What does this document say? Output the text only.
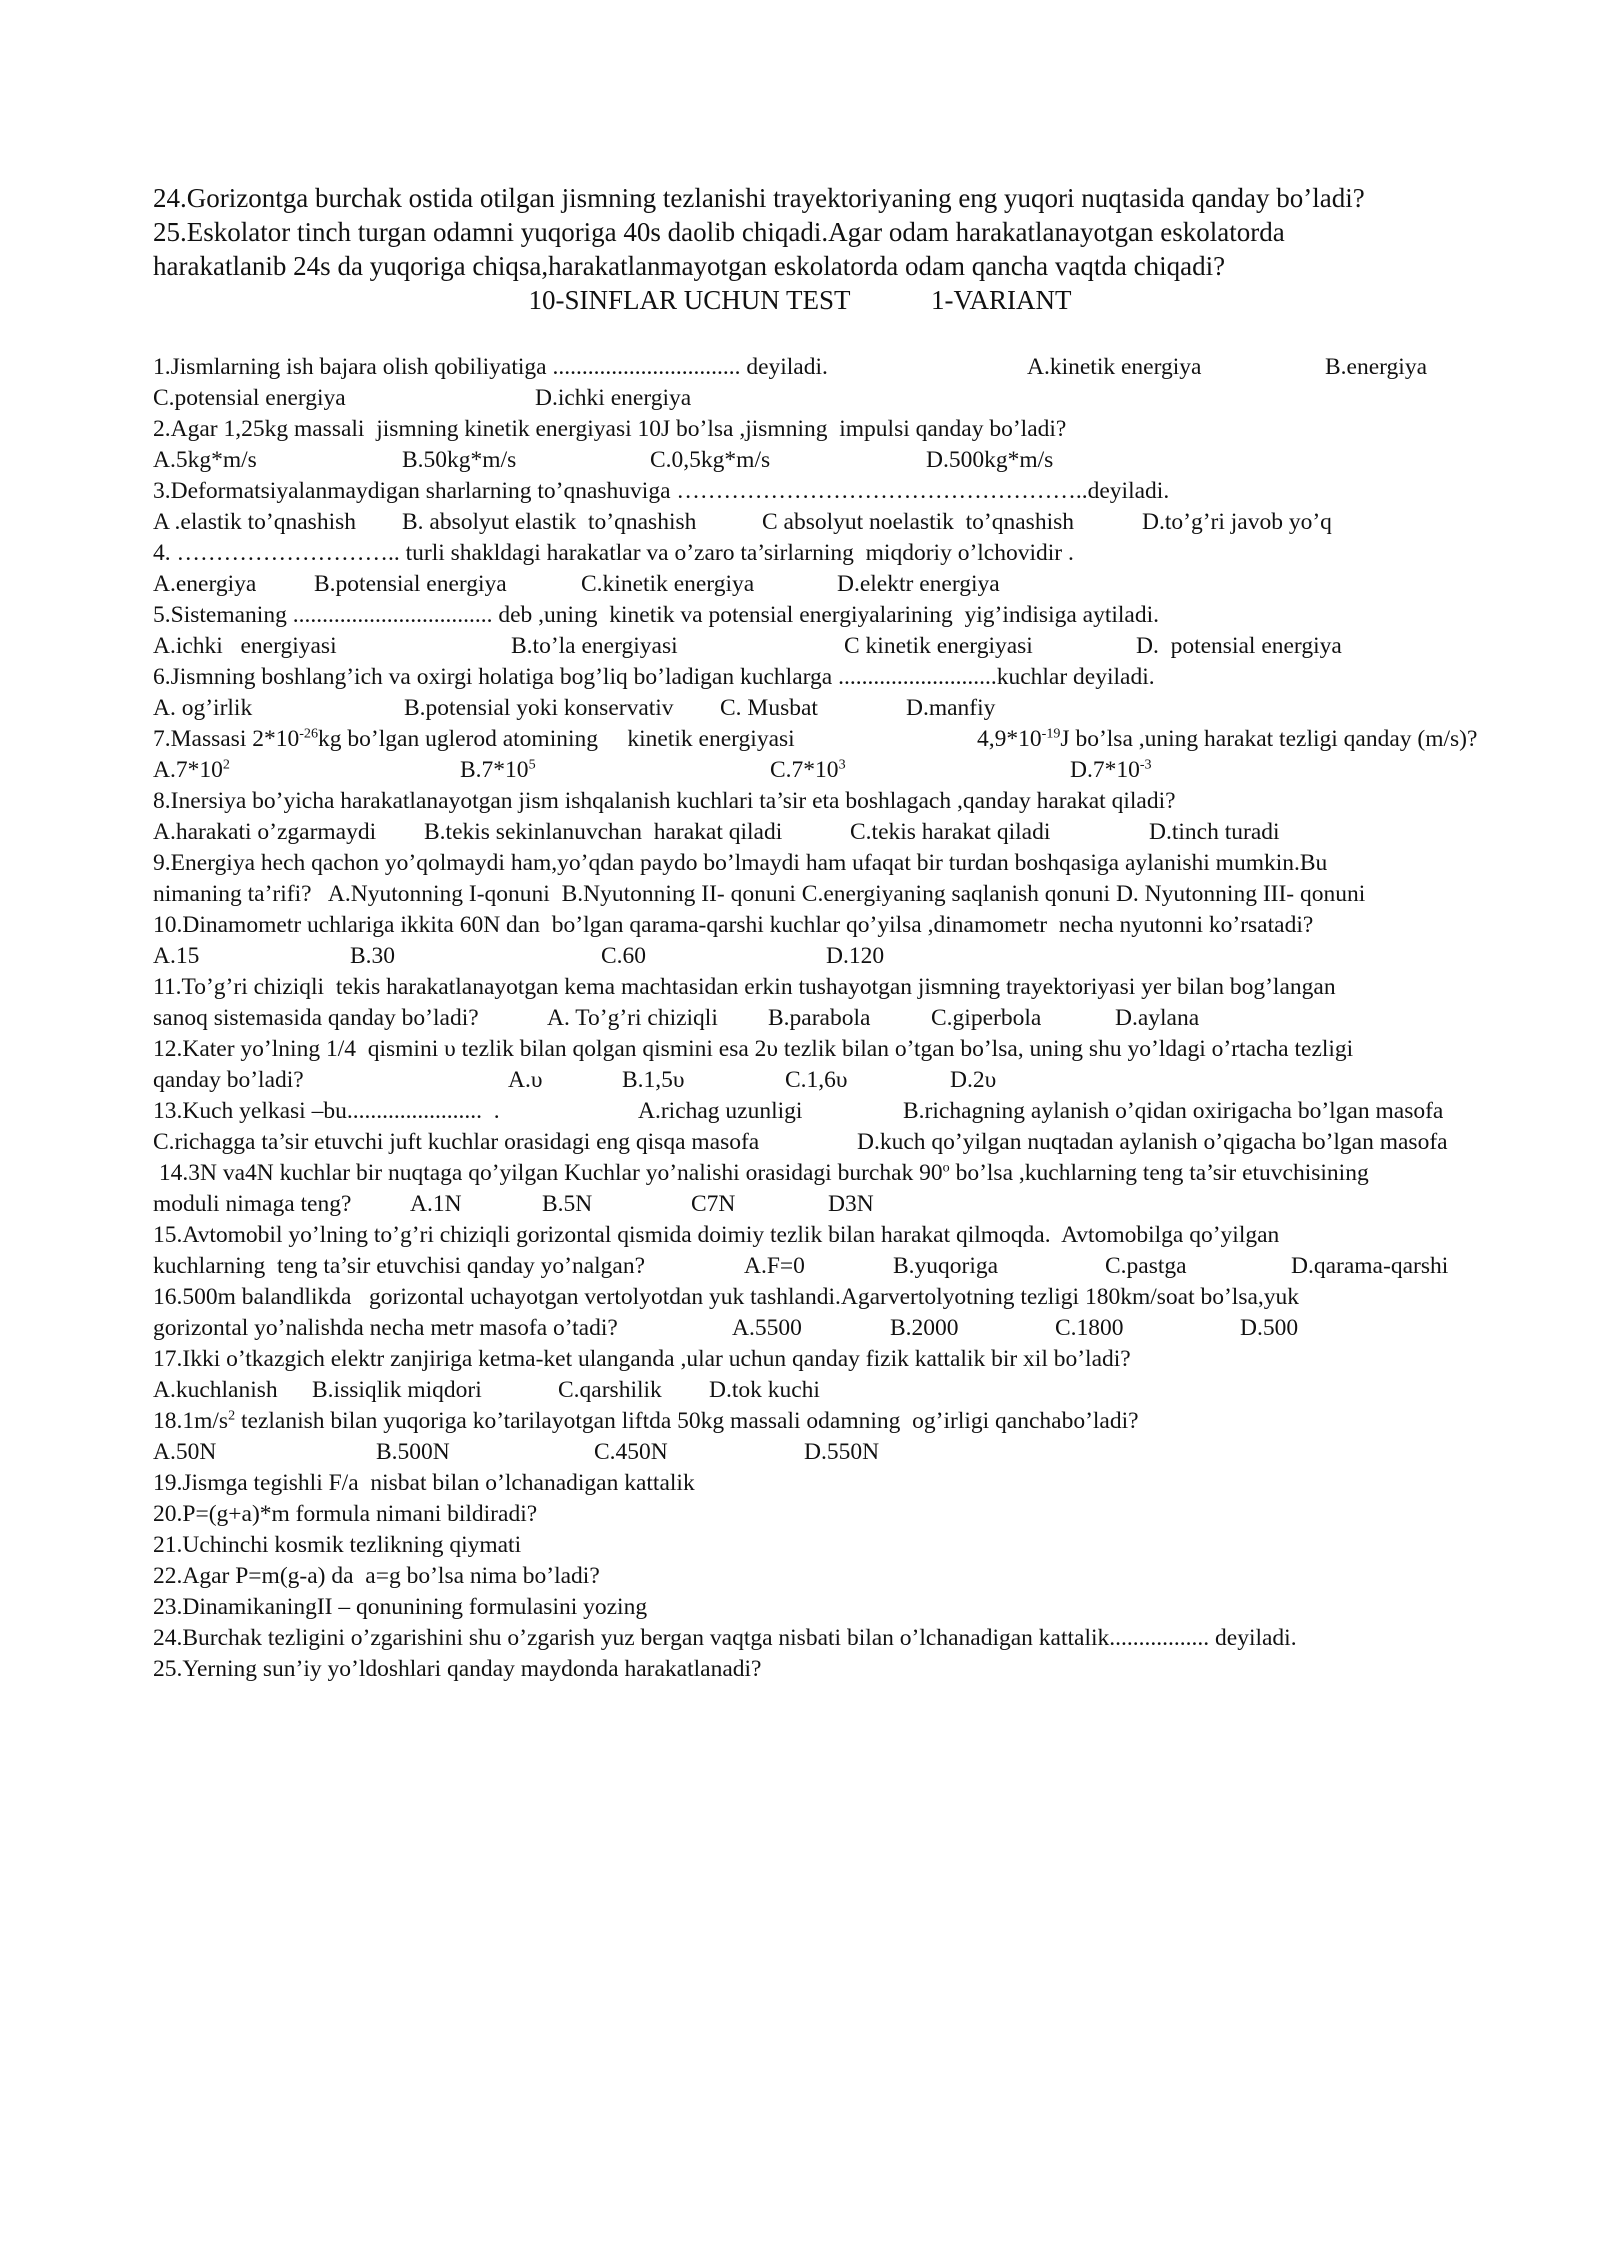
24.Gorizontga burchak ostida otilgan jismning tezlanishi trayektoriyaning eng yuqori nuqtasida qanday bo’ladi?
25.Eskolator tinch turgan odamni yuqoriga 40s daolib chiqadi.Agar odam harakatlanayotgan eskolatorda
harakatlanib 24s da yuqoriga chiqsa,harakatlanmayotgan eskolatorda odam qancha vaqtda chiqadi?
10-SINFLAR UCHUN TEST	1-VARIANT
1.Jismlarning ish bajara olish qobiliyatiga ................................ deyiladi.	A.kinetik energiya	B.energiya
C.potensial energiya	D.ichki energiya
2.Agar 1,25kg massali  jismning kinetik energiyasi 10J bo’lsa ,jismning  impulsi qanday bo’ladi?
A.5kg*m/s	B.50kg*m/s	C.0,5kg*m/s	D.500kg*m/s
3.Deformatsiyalanmaydigan sharlarning to’qnashuviga ……………………………………………..deyiladi.
A .elastik to’qnashish B. absolyut elastik  to’qnashish	C absolyut noelastik  to’qnashish	D.to’g’ri javob yo’q
4. ……………………….. turli shakldagi harakatlar va o’zaro ta’sirlarning  miqdoriy o’lchovidir .
A.energiya B.potensial energiya	C.kinetik energiya	D.elektr energiya
5.Sistemaning .................................. deb ,uning  kinetik va potensial energiyalarining  yig’indisiga aytiladi.
A.ichki   energiyasi	B.to’la energiyasi	C kinetik energiyasi	D.  potensial energiya
6.Jismning boshlang’ich va oxirgi holatiga bog’liq bo’ladigan kuchlarga ...........................kuchlar deyiladi.
A. og’irlik	B.potensial yoki konservativ C. Musbat	D.manfiy
7.Massasi $2*10^{-26}kg$ bo’lgan uglerod atomining     kinetik energiyasi	$4,9*10^{-19}J$ bo’lsa ,uning harakat tezligi qanday (m/s)?
$A.7*10^2$	$B.7*10^5$	$C.7*10^3$	$D.7*10^{-3}$
8.Inersiya bo’yicha harakatlanayotgan jism ishqalanish kuchlari ta’sir eta boshlagach ,qanday harakat qiladi?
A.harakati o’zgarmaydi B.tekis sekinlanuvchan  harakat qiladi	C.tekis harakat qiladi	D.tinch turadi
9.Energiya hech qachon yo’qolmaydi ham,yo’qdan paydo bo’lmaydi ham ufaqat bir turdan boshqasiga aylanishi mumkin.Bu
nimaning ta’rifi?   A.Nyutonning I-qonuni  B.Nyutonning II- qonuni C.energiyaning saqlanish qonuni D. Nyutonning III- qonuni
10.Dinamometr uchlariga ikkita 60N dan  bo’lgan qarama-qarshi kuchlar qo’yilsa ,dinamometr  necha nyutonni ko’rsatadi?
A.15	B.30	C.60	D.120
11.To’g’ri chiziqli  tekis harakatlanayotgan kema machtasidan erkin tushayotgan jismning trayektoriyasi yer bilan bog’langan
sanoq sistemasida qanday bo’ladi?	A. To’g’ri chiziqli B.parabola	C.giperbola	D.aylana
12.Kater yo’lning 1/4  qismini υ tezlik bilan qolgan qismini esa 2υ tezlik bilan o’tgan bo’lsa, uning shu yo’ldagi o’rtacha tezligi
qanday bo’ladi?	A.υ	B.1,5υ	C.1,6υ	D.2υ
13.Kuch yelkasi –bu.......................  .	A.richag uzunligi	B.richagning aylanish o’qidan oxirigacha bo’lgan masofa
C.richagga ta’sir etuvchi juft kuchlar orasidagi eng qisqa masofa	D.kuch qo’yilgan nuqtadan aylanish o’qigacha bo’lgan masofa
14.3N va4N kuchlar bir nuqtaga qo’yilgan Kuchlar yo’nalishi orasidagi burchak 90$^o$ bo’lsa ,kuchlarning teng ta’sir etuvchisining
moduli nimaga teng? A.1N	B.5N	C7N	D3N
15.Avtomobil yo’lning to’g’ri chiziqli gorizontal qismida doimiy tezlik bilan harakat qilmoqda.  Avtomobilga qo’yilgan
kuchlarning  teng ta’sir etuvchisi qanday yo’nalgan?	A.F=0	B.yuqoriga	C.pastga	D.qarama-qarshi
16.500m balandlikda   gorizontal uchayotgan vertolyotdan yuk tashlandi.Agarvertolyotning tezligi 180km/soat bo’lsa,yuk
gorizontal yo’nalishda necha metr masofa o’tadi?	A.5500	B.2000	C.1800	D.500
17.Ikki o’tkazgich elektr zanjiriga ketma-ket ulanganda ,ular uchun qanday fizik kattalik bir xil bo’ladi?
A.kuchlanish B.issiqlik miqdori	C.qarshilik D.tok kuchi
$18.1m/s^2$ tezlanish bilan yuqoriga ko’tarilayotgan liftda 50kg massali odamning  og’irligi qanchabo’ladi?
A.50N	B.500N	C.450N	D.550N
19.Jismga tegishli F/a  nisbat bilan o’lchanadigan kattalik
20.P=(g+a)*m formula nimani bildiradi?
21.Uchinchi kosmik tezlikning qiymati
22.Agar P=m(g-a) da  a=g bo’lsa nima bo’ladi?
23.DinamikaningII – qonunining formulasini yozing
24.Burchak tezligini o’zgarishini shu o’zgarish yuz bergan vaqtga nisbati bilan o’lchanadigan kattalik................. deyiladi.
25.Yerning sun’iy yo’ldoshlari qanday maydonda harakatlanadi?
